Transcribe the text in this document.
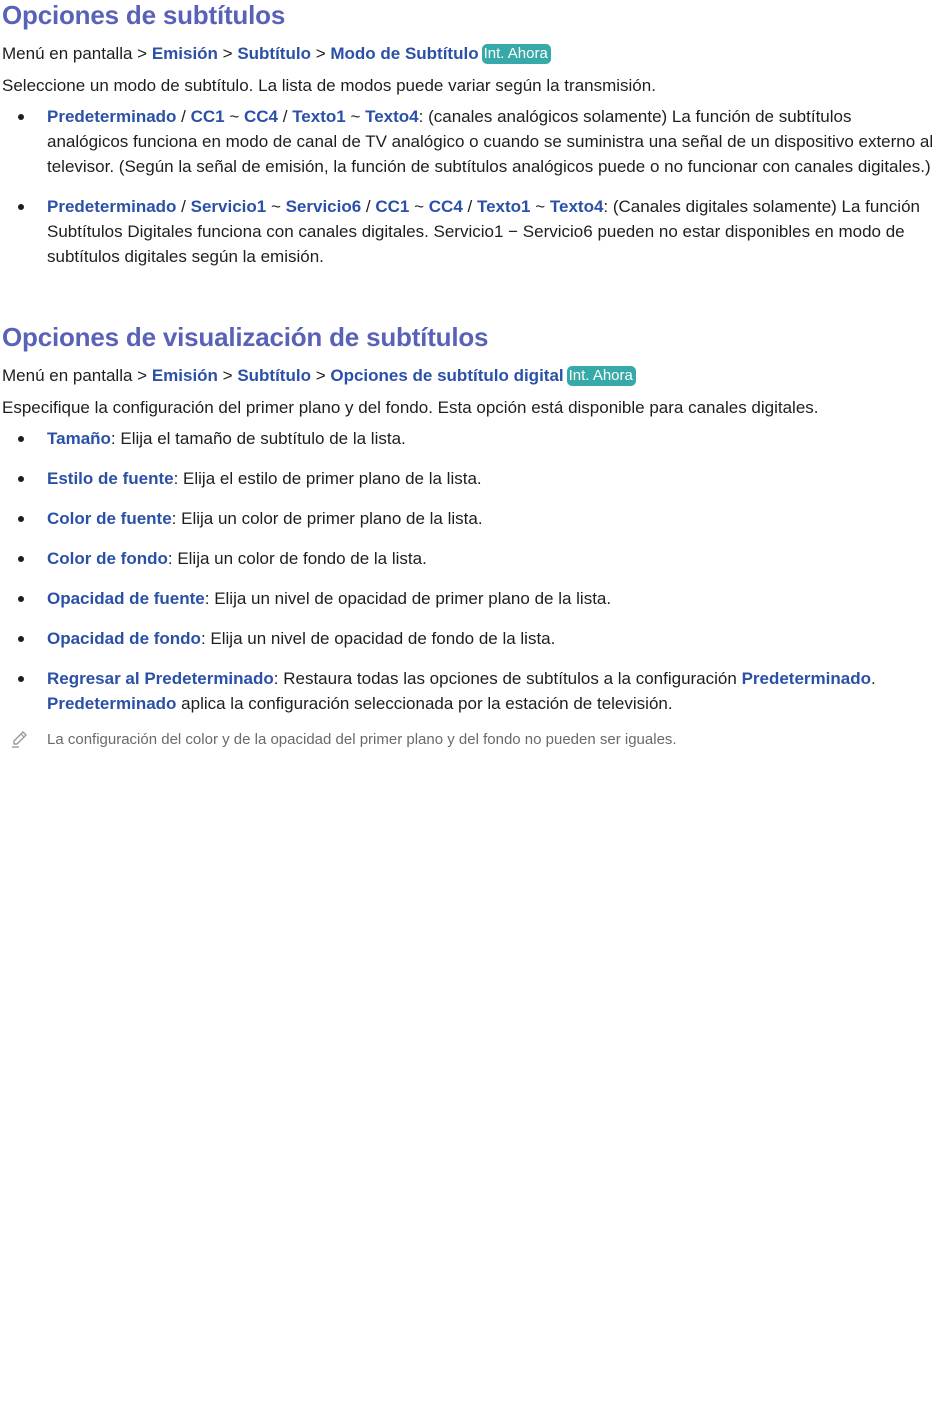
Opciones de subtítulos
Menú en pantalla > Emisión > Subtítulo > Modo de Subtítulo Int. Ahora
Seleccione un modo de subtítulo. La lista de modos puede variar según la transmisión.
Predeterminado / CC1 ~ CC4 / Texto1 ~ Texto4: (canales analógicos solamente) La función de subtítulos analógicos funciona en modo de canal de TV analógico o cuando se suministra una señal de un dispositivo externo al televisor. (Según la señal de emisión, la función de subtítulos analógicos puede o no funcionar con canales digitales.)
Predeterminado / Servicio1 ~ Servicio6 / CC1 ~ CC4 / Texto1 ~ Texto4: (Canales digitales solamente) La función Subtítulos Digitales funciona con canales digitales. Servicio1 − Servicio6 pueden no estar disponibles en modo de subtítulos digitales según la emisión.
Opciones de visualización de subtítulos
Menú en pantalla > Emisión > Subtítulo > Opciones de subtítulo digital Int. Ahora
Especifique la configuración del primer plano y del fondo. Esta opción está disponible para canales digitales.
Tamaño: Elija el tamaño de subtítulo de la lista.
Estilo de fuente: Elija el estilo de primer plano de la lista.
Color de fuente: Elija un color de primer plano de la lista.
Color de fondo: Elija un color de fondo de la lista.
Opacidad de fuente: Elija un nivel de opacidad de primer plano de la lista.
Opacidad de fondo: Elija un nivel de opacidad de fondo de la lista.
Regresar al Predeterminado: Restaura todas las opciones de subtítulos a la configuración Predeterminado.
Predeterminado aplica la configuración seleccionada por la estación de televisión.
La configuración del color y de la opacidad del primer plano y del fondo no pueden ser iguales.
